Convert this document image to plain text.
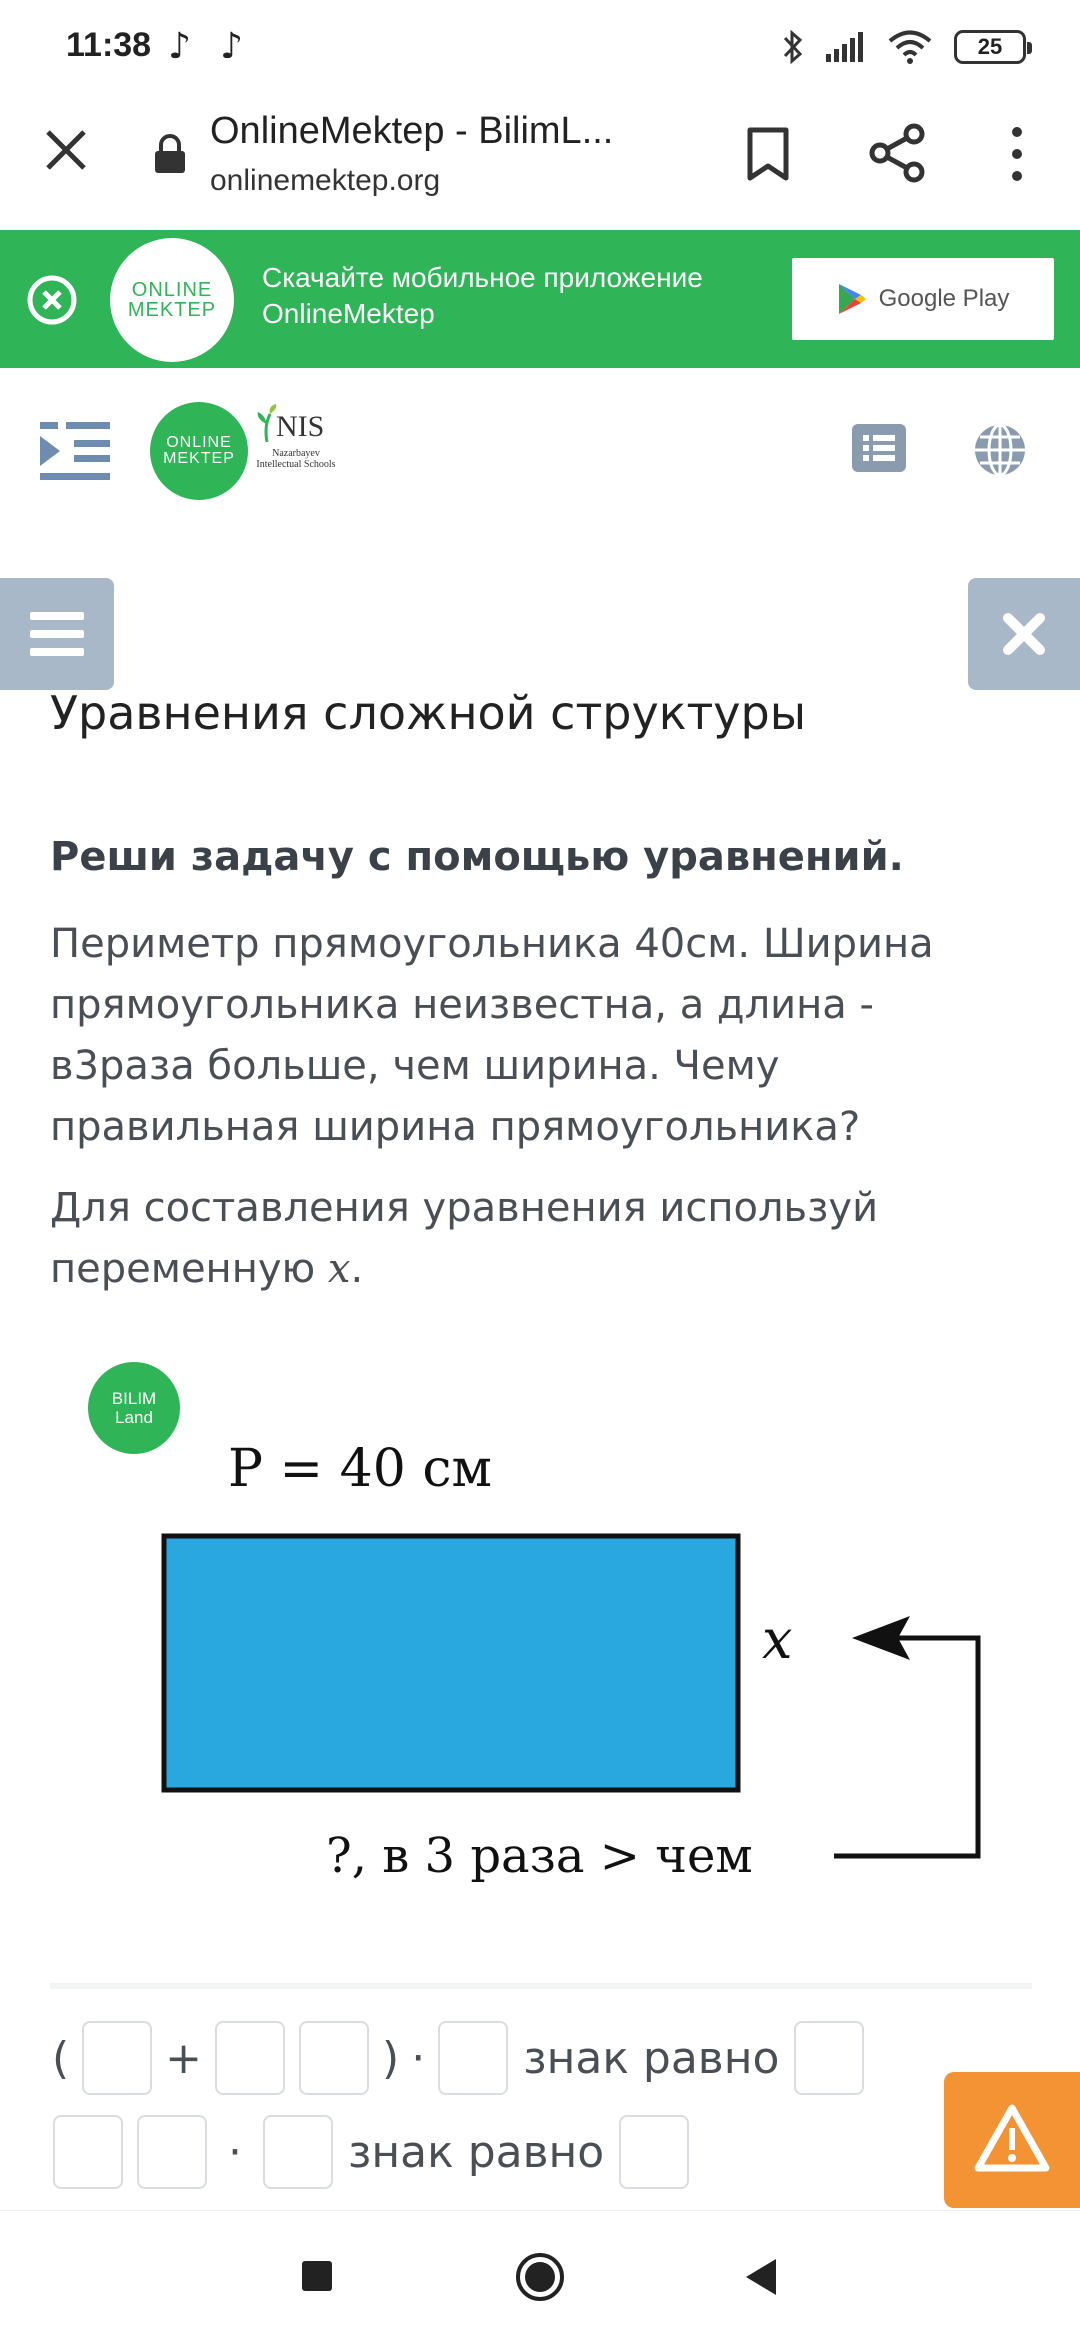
11:38 ♪ ♪	25
OnlineMektep - BilimL...
onlinemektep.org
ONLINE
MEKTEP
Скачайте мобильное приложение
OnlineMektep	Google Play
ONLINE
MEKTEP
NIS
Nazarbayev Intellectual Schools
Уравнения сложной структуры
Реши задачу с помощью уравнений.
Периметр прямоугольника 40см. Ширина
прямоугольника неизвестна, а длина -
в3раза больше, чем ширина. Чему
правильная ширина прямоугольника?
Для составления уравнения используй
переменную x.
BILIM
Land
P = 40 см
x
?, в 3 раза > чем
( +	) · знак равно
· знак равно
